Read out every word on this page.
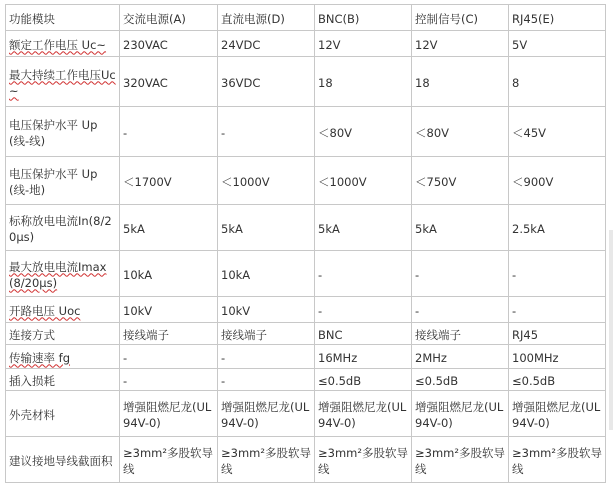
功能模块	交流电源(A)	直流电源(D)	BNC(B)	控制信号(C)	RJ45(E)
额定工作电压 Uc~	230VAC	24VDC	12V	12V	5V
最大持续工作电压Uc~	320VAC	36VDC	18	18	8
电压保护水平 Up(线-线)	-	-	＜80V	＜80V	＜45V
电压保护水平 Up(线-地)	＜1700V	＜1000V	＜1000V	＜750V	＜900V
标称放电电流In(8/20μs)	5kA	5kA	5kA	5kA	2.5kA
最大放电电流Imax(8/20μs)	10kA	10kA	-	-	-
开路电压 Uoc	10kV	10kV	-	-	-
连接方式	接线端子	接线端子	BNC	接线端子	RJ45
传输速率 fg	-	-	16MHz	2MHz	100MHz
插入损耗	-	-	≤0.5dB	≤0.5dB	≤0.5dB
外壳材料	增强阻燃尼龙(UL94V-0)	增强阻燃尼龙(UL94V-0)	增强阻燃尼龙(UL94V-0)	增强阻燃尼龙(UL94V-0)	增强阻燃尼龙(UL94V-0)
建议接地导线截面积	≥3mm²多股软导线	≥3mm²多股软导线	≥3mm²多股软导线	≥3mm²多股软导线	≥3mm²多股软导线
